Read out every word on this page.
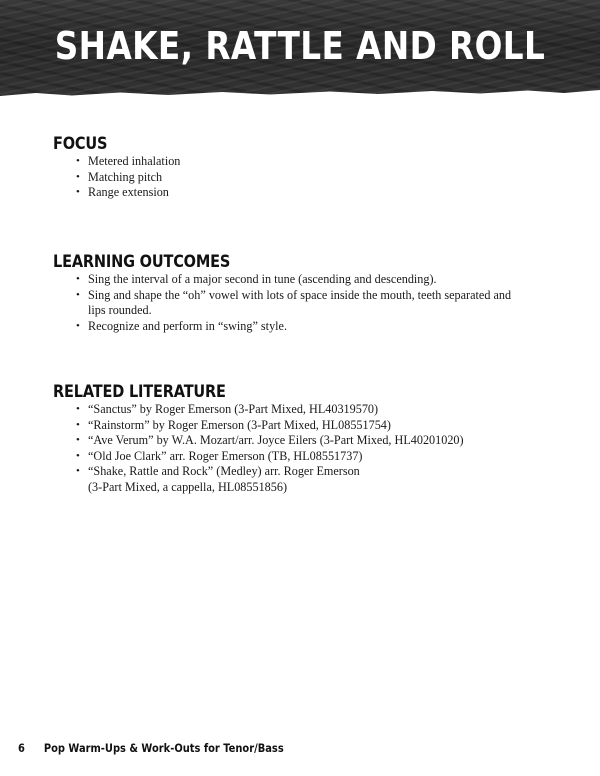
SHAKE, RATTLE AND ROLL
FOCUS
• Metered inhalation
• Matching pitch
• Range extension
LEARNING OUTCOMES
• Sing the interval of a major second in tune (ascending and descending).
• Sing and shape the “oh” vowel with lots of space inside the mouth, teeth separated and lips rounded.
• Recognize and perform in “swing” style.
RELATED LITERATURE
• “Sanctus” by Roger Emerson (3-Part Mixed, HL40319570)
• “Rainstorm” by Roger Emerson (3-Part Mixed, HL08551754)
• “Ave Verum” by W.A. Mozart/arr. Joyce Eilers (3-Part Mixed, HL40201020)
• “Old Joe Clark” arr. Roger Emerson (TB, HL08551737)
• “Shake, Rattle and Rock” (Medley) arr. Roger Emerson
(3-Part Mixed, a cappella, HL08551856)
6 Pop Warm-Ups & Work-Outs for Tenor/Bass
